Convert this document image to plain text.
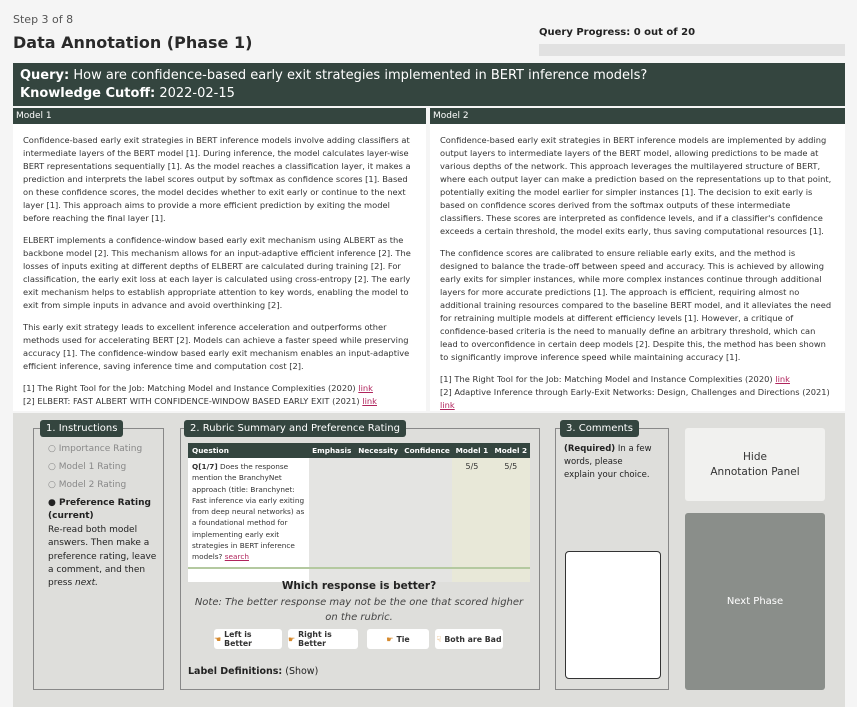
Step 3 of 8
Data Annotation (Phase 1)
Query Progress: 0 out of 20
Query: How are confidence-based early exit strategies implemented in BERT inference models?
Knowledge Cutoff: 2022-02-15
Model 1

Confidence-based early exit strategies in BERT inference models involve adding classifiers at intermediate layers of the BERT model [1]. During inference, the model calculates layer-wise BERT representations sequentially [1]. As the model reaches a classification layer, it makes a prediction and interprets the label scores output by softmax as confidence scores [1]. Based on these confidence scores, the model decides whether to exit early or continue to the next layer [1]. This approach aims to provide a more efficient prediction by exiting the model before reaching the final layer [1].

ELBERT implements a confidence-window based early exit mechanism using ALBERT as the backbone model [2]. This mechanism allows for an input-adaptive efficient inference [2]. The losses of inputs exiting at different depths of ELBERT are calculated during training [2]. For classification, the early exit loss at each layer is calculated using cross-entropy [2]. The early exit mechanism helps to establish appropriate attention to key words, enabling the model to exit from simple inputs in advance and avoid overthinking [2].

This early exit strategy leads to excellent inference acceleration and outperforms other methods used for accelerating BERT [2]. Models can achieve a faster speed while preserving accuracy [1]. The confidence-window based early exit mechanism enables an input-adaptive efficient inference, saving inference time and computation cost [2].

[1] The Right Tool for the Job: Matching Model and Instance Complexities (2020) link
[2] ELBERT: FAST ALBERT WITH CONFIDENCE-WINDOW BASED EARLY EXIT (2021) link
Model 2

Confidence-based early exit strategies in BERT inference models are implemented by adding output layers to intermediate layers of the BERT model, allowing predictions to be made at various depths of the network. This approach leverages the multilayered structure of BERT, where each output layer can make a prediction based on the representations up to that point, potentially exiting the model earlier for simpler instances [1]. The decision to exit early is based on confidence scores derived from the softmax outputs of these intermediate classifiers. These scores are interpreted as confidence levels, and if a classifier's confidence exceeds a certain threshold, the model exits early, thus saving computational resources [1].

The confidence scores are calibrated to ensure reliable early exits, and the method is designed to balance the trade-off between speed and accuracy. This is achieved by allowing early exits for simpler instances, while more complex instances continue through additional layers for more accurate predictions [1]. The approach is efficient, requiring almost no additional training resources compared to the baseline BERT model, and it alleviates the need for retraining multiple models at different efficiency levels [1]. However, a critique of confidence-based criteria is the need to manually define an arbitrary threshold, which can lead to overconfidence in certain deep models [2]. Despite this, the method has been shown to significantly improve inference speed while maintaining accuracy [1].

[1] The Right Tool for the Job: Matching Model and Instance Complexities (2020) link
[2] Adaptive Inference through Early-Exit Networks: Design, Challenges and Directions (2021) link
1. Instructions
○ Importance Rating
○ Model 1 Rating
○ Model 2 Rating
● Preference Rating
(current)
Re-read both model answers. Then make a preference rating, leave a comment, and then press next.
2. Rubric Summary and Preference Rating
Question	Emphasis	Necessity	Confidence	Model 1	Model 2
Q[1/7] Does the response mention the BranchyNet approach (title: Branchynet: Fast inference via early exiting from deep neural networks) as a foundational method for implementing early exit strategies in BERT inference models? search				5/5	5/5
Which response is better?
Note: The better response may not be the one that scored higher on the rubric.
☚ Left is Better	☛ Right is Better	☛ Tie	☟ Both are Bad
Label Definitions: (Show)
3. Comments
(Required) In a few words, please explain your choice.
Hide
Annotation Panel
Next Phase
